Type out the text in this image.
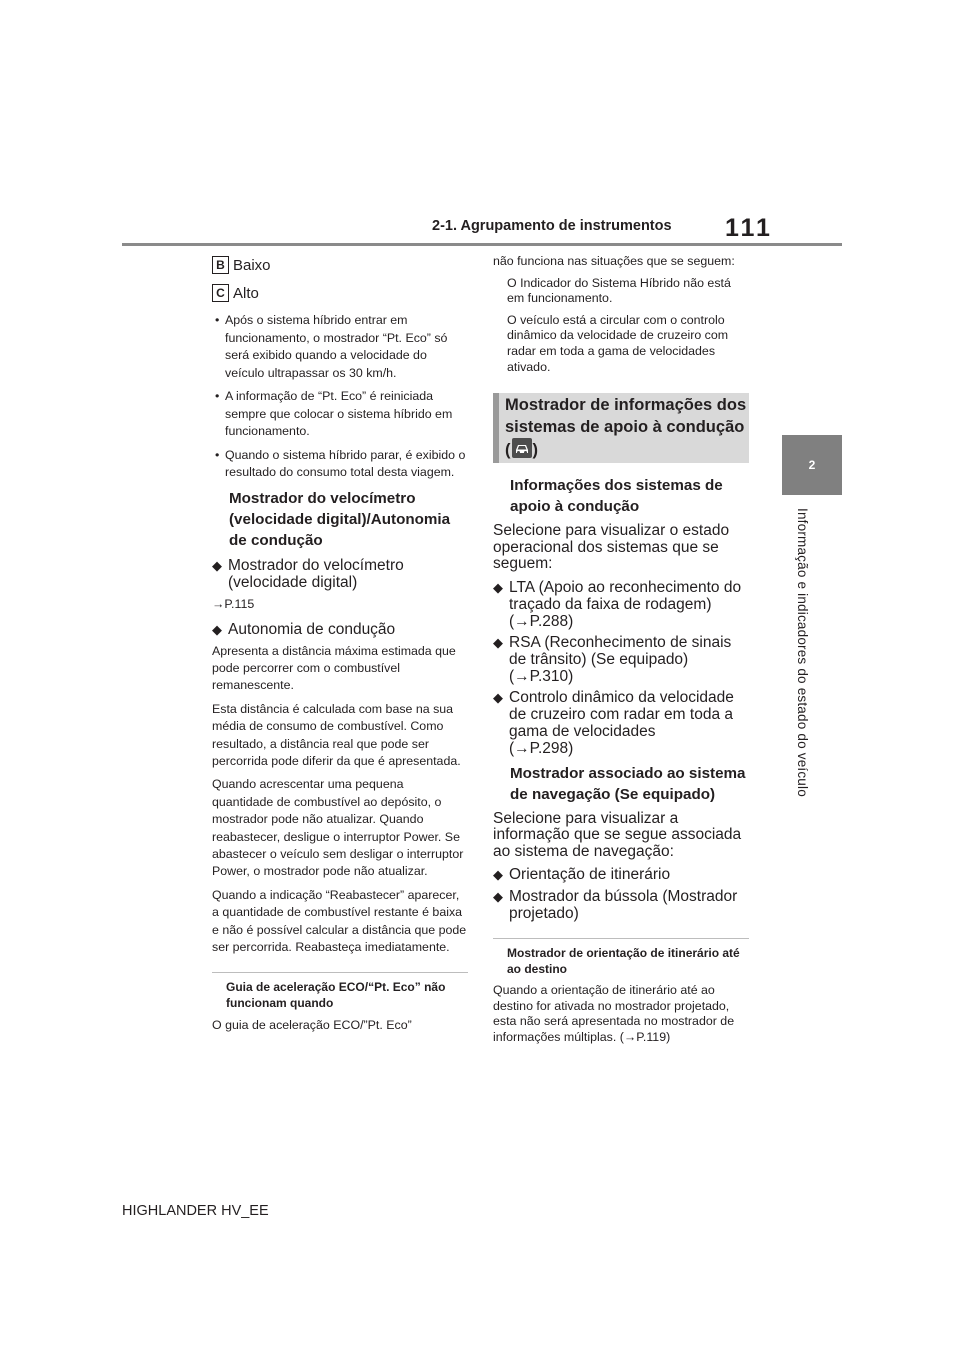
2-1. Agrupamento de instrumentos 111
2
Informação e indicadores do estado do veículo
B Baixo
C Alto
• Após o sistema híbrido entrar em funcionamento, o mostrador “Pt. Eco” só será exibido quando a velocidade do veículo ultrapassar os 30 km/h.
• A informação de “Pt. Eco” é reiniciada sempre que colocar o sistema híbrido em funcionamento.
• Quando o sistema híbrido parar, é exibido o resultado do consumo total desta viagem.
Mostrador do velocímetro (velocidade digital)/Autonomia de condução
◆ Mostrador do velocímetro (velocidade digital)
→P.115
◆ Autonomia de condução

Apresenta a distância máxima estimada que pode percorrer com o combustível remanescente.

Esta distância é calculada com base na sua média de consumo de combustível. Como resultado, a distância real que pode ser percorrida pode diferir da que é apresentada.

Quando acrescentar uma pequena quantidade de combustível ao depósito, o mostrador pode não atualizar. Quando reabastecer, desligue o interruptor Power. Se abastecer o veículo sem desligar o interruptor Power, o mostrador pode não atualizar.

Quando a indicação “Reabastecer” aparecer, a quantidade de combustível restante é baixa e não é possível calcular a distância que pode ser percorrida. Reabasteça imediatamente.

Guia de aceleração ECO/“Pt. Eco” não funcionam quando

O guia de aceleração ECO/”Pt. Eco”

não funciona nas situações que se seguem:

O Indicador do Sistema Híbrido não está em funcionamento.

O veículo está a circular com o controlo dinâmico da velocidade de cruzeiro com radar em toda a gama de velocidades ativado.

Mostrador de informações dos sistemas de apoio à condução ( )
Informações dos sistemas de apoio à condução

Selecione para visualizar o estado operacional dos sistemas que se seguem:

◆ LTA (Apoio ao reconhecimento do traçado da faixa de rodagem)
(→P.288)
◆ RSA (Reconhecimento de sinais de trânsito) (Se equipado)
(→P.310)
◆ Controlo dinâmico da velocidade de cruzeiro com radar em toda a gama de velocidades
(→P.298)
Mostrador associado ao sistema de navegação (Se equipado)

Selecione para visualizar a informação que se segue associada ao sistema de navegação:

◆ Orientação de itinerário
◆ Mostrador da bússola (Mostrador projetado)
Mostrador de orientação de itinerário até ao destino

Quando a orientação de itinerário até ao destino for ativada no mostrador projetado, esta não será apresentada no mostrador de informações múltiplas. (→P.119)

HIGHLANDER HV_EE
